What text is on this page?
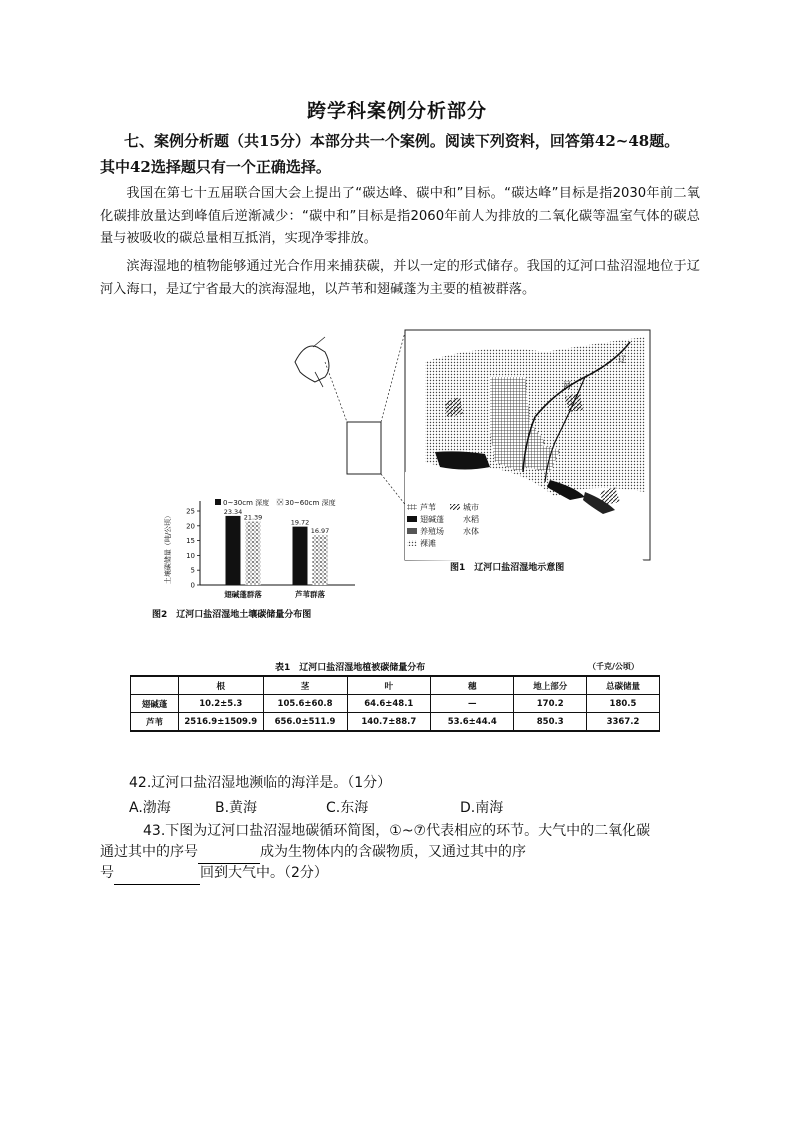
跨学科案例分析部分
七、案例分析题（共15分）本部分共一个案例。阅读下列资料，回答第42~48题。
其中42选择题只有一个正确选择。
我国在第七十五届联合国大会上提出了“碳达峰、碳中和”目标。“碳达峰”目标是指2030年前二氧化碳排放量达到峰值后逆渐减少：“碳中和”目标是指2060年前人为排放的二氧化碳等温室气体的碳总量与被吸收的碳总量相互抵消，实现净零排放。
滨海湿地的植物能够通过光合作用来捕获碳，并以一定的形式储存。我国的辽河口盐沼湿地位于辽河入海口，是辽宁省最大的滨海湿地，以芦苇和翅碱蓬为主要的植被群落。
辽
河
芦苇
翅碱蓬
养殖场
裸滩
城市
水稻
水体
图1　辽河口盐沼湿地示意图
土壤碳储量（吨/公顷）
25
20
15
10
5
0
0~30cm 深度 30~60cm 深度
23.34
21.39
19.72
16.97
翅碱蓬群落	芦苇群落
图2　辽河口盐沼湿地土壤碳储量分布图
表1　辽河口盐沼湿地植被碳储量分布	（千克/公顷）
	根	茎	叶	穗	地上部分	总碳储量
翅碱蓬	10.2±5.3	105.6±60.8	64.6±48.1	—	170.2	180.5
芦苇	2516.9±1509.9	656.0±511.9	140.7±88.7	53.6±44.4	850.3	3367.2
42.辽河口盐沼湿地濒临的海洋是。（1分）
A.渤海	B.黄海	C.东海	D.南海
43.下图为辽河口盐沼湿地碳循环简图，①~⑦代表相应的环节。大气中的二氧化碳
通过其中的序号	成为生物体内的含碳物质，又通过其中的序
号	回到大气中。（2分）
